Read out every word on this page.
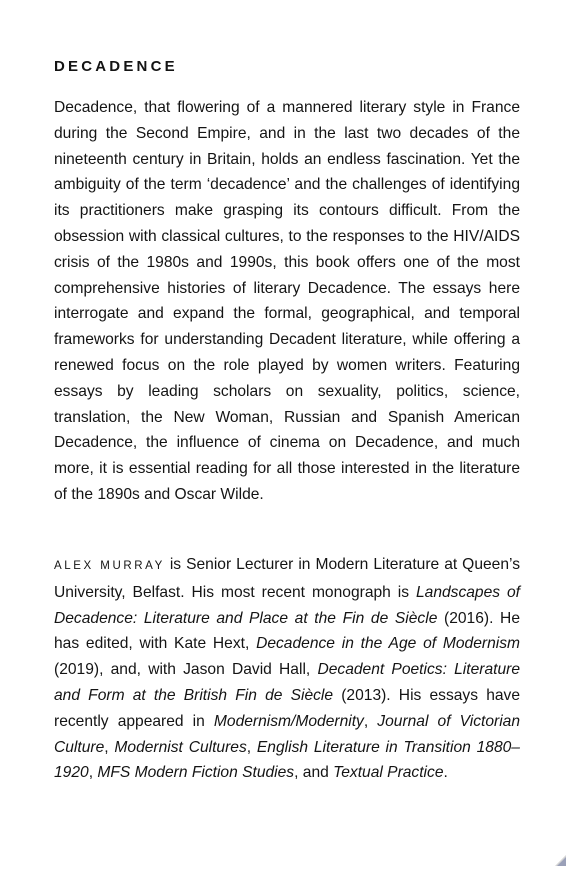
DECADENCE

Decadence, that flowering of a mannered literary style in France during the Second Empire, and in the last two decades of the nineteenth century in Britain, holds an endless fascination. Yet the ambiguity of the term ‘decadence’ and the challenges of identifying its practitioners make grasping its contours difficult. From the obsession with classical cultures, to the responses to the HIV/AIDS crisis of the 1980s and 1990s, this book offers one of the most comprehensive histories of literary Decadence. The essays here interrogate and expand the formal, geographical, and temporal frameworks for understanding Decadent literature, while offering a renewed focus on the role played by women writers. Featuring essays by leading scholars on sexuality, politics, science, translation, the New Woman, Russian and Spanish American Decadence, the influence of cinema on Decadence, and much more, it is essential reading for all those interested in the literature of the 1890s and Oscar Wilde.

ALEX MURRAY is Senior Lecturer in Modern Literature at Queen’s University, Belfast. His most recent monograph is Landscapes of Decadence: Literature and Place at the Fin de Siècle (2016). He has edited, with Kate Hext, Decadence in the Age of Modernism (2019), and, with Jason David Hall, Decadent Poetics: Literature and Form at the British Fin de Siècle (2013). His essays have recently appeared in Modernism/Modernity, Journal of Victorian Culture, Modernist Cultures, English Literature in Transition 1880–1920, MFS Modern Fiction Studies, and Textual Practice.
